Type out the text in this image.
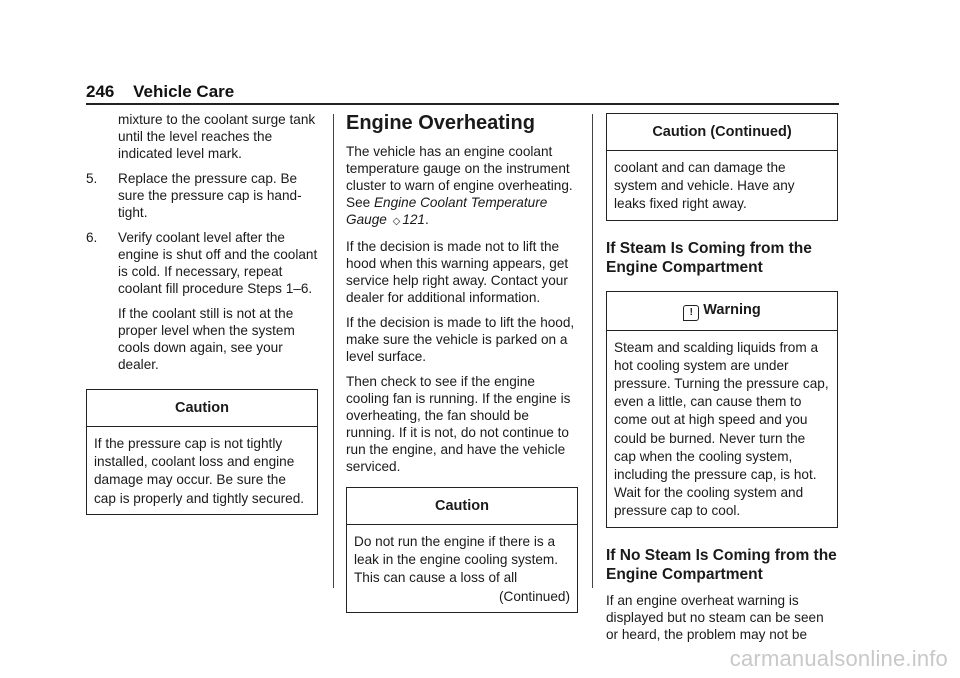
246 Vehicle Care

mixture to the coolant surge tank until the level reaches the indicated level mark.

5.	Replace the pressure cap. Be sure the pressure cap is hand-tight.
6.	Verify coolant level after the engine is shut off and the coolant is cold. If necessary, repeat coolant fill procedure Steps 1–6.

If the coolant still is not at the proper level when the system cools down again, see your dealer.

Caution
If the pressure cap is not tightly installed, coolant loss and engine damage may occur. Be sure the cap is properly and tightly secured.
Engine Overheating

The vehicle has an engine coolant temperature gauge on the instrument cluster to warn of engine overheating. See Engine Coolant Temperature Gauge ◇ 121.

If the decision is made not to lift the hood when this warning appears, get service help right away. Contact your dealer for additional information.

If the decision is made to lift the hood, make sure the vehicle is parked on a level surface.

Then check to see if the engine cooling fan is running. If the engine is overheating, the fan should be running. If it is not, do not continue to run the engine, and have the vehicle serviced.

Caution
Do not run the engine if there is a leak in the engine cooling system. This can cause a loss of all
(Continued)
Caution (Continued)
coolant and can damage the system and vehicle. Have any leaks fixed right away.
If Steam Is Coming from the Engine Compartment
! Warning
Steam and scalding liquids from a hot cooling system are under pressure. Turning the pressure cap, even a little, can cause them to come out at high speed and you could be burned. Never turn the cap when the cooling system, including the pressure cap, is hot. Wait for the cooling system and pressure cap to cool.
If No Steam Is Coming from the Engine Compartment

If an engine overheat warning is displayed but no steam can be seen or heard, the problem may not be

carmanualsonline.info
